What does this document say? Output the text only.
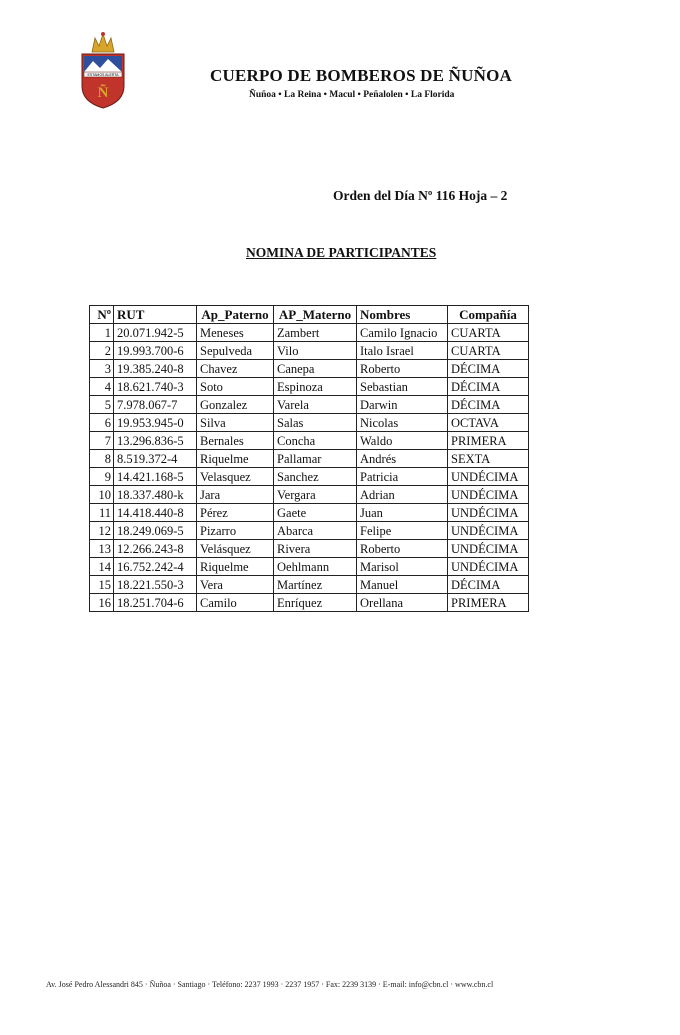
ESTAMOS ALERTA
Ñ
CUERPO DE BOMBEROS DE ÑUÑOA
Ñuñoa • La Reina • Macul • Peñalolen • La Florida
Orden del Día Nº 116 Hoja – 2
NOMINA DE PARTICIPANTES
Nº	RUT	Ap_Paterno	AP_Materno	Nombres	Compañía
1	20.071.942-5	Meneses	Zambert	Camilo Ignacio	CUARTA
2	19.993.700-6	Sepulveda	Vilo	Italo Israel	CUARTA
3	19.385.240-8	Chavez	Canepa	Roberto	DÉCIMA
4	18.621.740-3	Soto	Espinoza	Sebastian	DÉCIMA
5	7.978.067-7	Gonzalez	Varela	Darwin	DÉCIMA
6	19.953.945-0	Silva	Salas	Nicolas	OCTAVA
7	13.296.836-5	Bernales	Concha	Waldo	PRIMERA
8	8.519.372-4	Riquelme	Pallamar	Andrés	SEXTA
9	14.421.168-5	Velasquez	Sanchez	Patricia	UNDÉCIMA
10	18.337.480-k	Jara	Vergara	Adrian	UNDÉCIMA
11	14.418.440-8	Pérez	Gaete	Juan	UNDÉCIMA
12	18.249.069-5	Pizarro	Abarca	Felipe	UNDÉCIMA
13	12.266.243-8	Velásquez	Rivera	Roberto	UNDÉCIMA
14	16.752.242-4	Riquelme	Oehlmann	Marisol	UNDÉCIMA
15	18.221.550-3	Vera	Martínez	Manuel	DÉCIMA
16	18.251.704-6	Camilo	Enríquez	Orellana	PRIMERA
Av. José Pedro Alessandri 845 · Ñuñoa · Santiago · Teléfono: 2237 1993 · 2237 1957 · Fax: 2239 3139 · E-mail: info@cbn.cl · www.cbn.cl
